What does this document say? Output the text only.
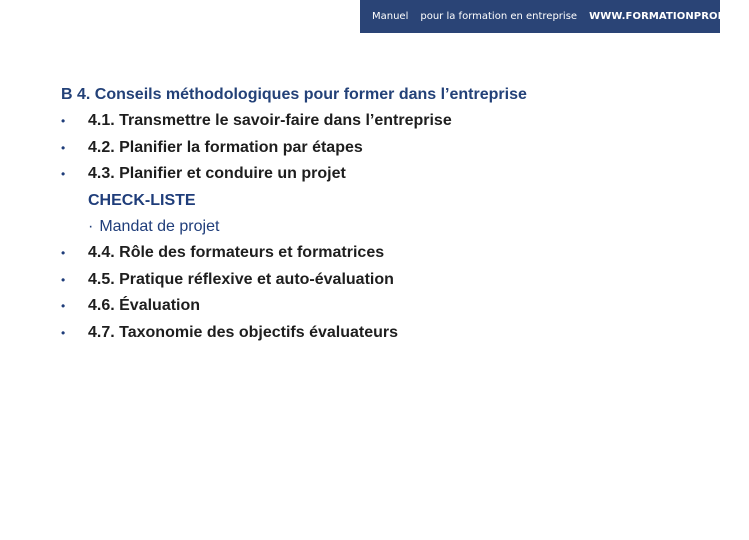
Manuel	pour la formation en entreprise	WWW.FORMATIONPROF.CH
B 4. Conseils méthodologiques pour former dans l’entreprise
•	4.1. Transmettre le savoir-faire dans l’entreprise
•	4.2. Planifier la formation par étapes
•	4.3. Planifier et conduire un projet
CHECK-LISTE
· Mandat de projet
•	4.4. Rôle des formateurs et formatrices
•	4.5. Pratique réflexive et auto-évaluation
•	4.6. Évaluation
•	4.7. Taxonomie des objectifs évaluateurs
